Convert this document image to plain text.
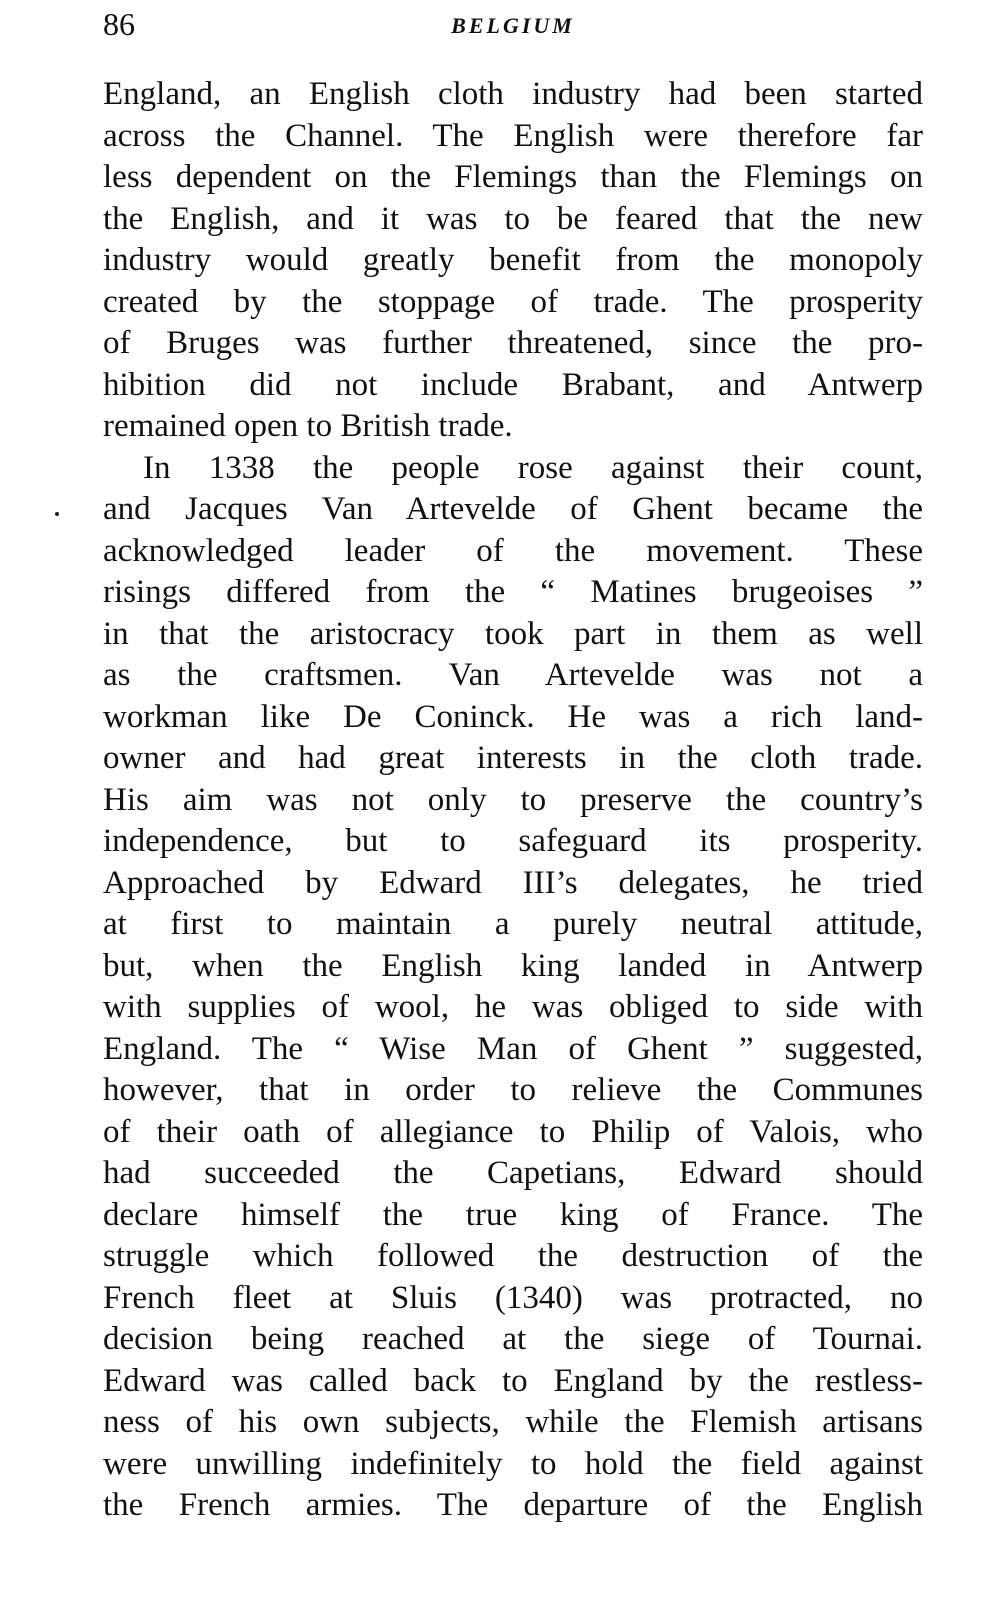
86	BELGIUM
England, an English cloth industry had been started
across the Channel. The English were therefore far
less dependent on the Flemings than the Flemings on
the English, and it was to be feared that the new
industry would greatly benefit from the monopoly
created by the stoppage of trade. The prosperity
of Bruges was further threatened, since the pro-
hibition did not include Brabant, and Antwerp
remained open to British trade.
In 1338 the people rose against their count,
and Jacques Van Artevelde of Ghent became the
acknowledged leader of the movement. These
risings differed from the “ Matines brugeoises ”
in that the aristocracy took part in them as well
as the craftsmen. Van Artevelde was not a
workman like De Coninck. He was a rich land-
owner and had great interests in the cloth trade.
His aim was not only to preserve the country’s
independence, but to safeguard its prosperity.
Approached by Edward III’s delegates, he tried
at first to maintain a purely neutral attitude,
but, when the English king landed in Antwerp
with supplies of wool, he was obliged to side with
England. The “ Wise Man of Ghent ” suggested,
however, that in order to relieve the Communes
of their oath of allegiance to Philip of Valois, who
had succeeded the Capetians, Edward should
declare himself the true king of France. The
struggle which followed the destruction of the
French fleet at Sluis (1340) was protracted, no
decision being reached at the siege of Tournai.
Edward was called back to England by the restless-
ness of his own subjects, while the Flemish artisans
were unwilling indefinitely to hold the field against
the French armies. The departure of the English
